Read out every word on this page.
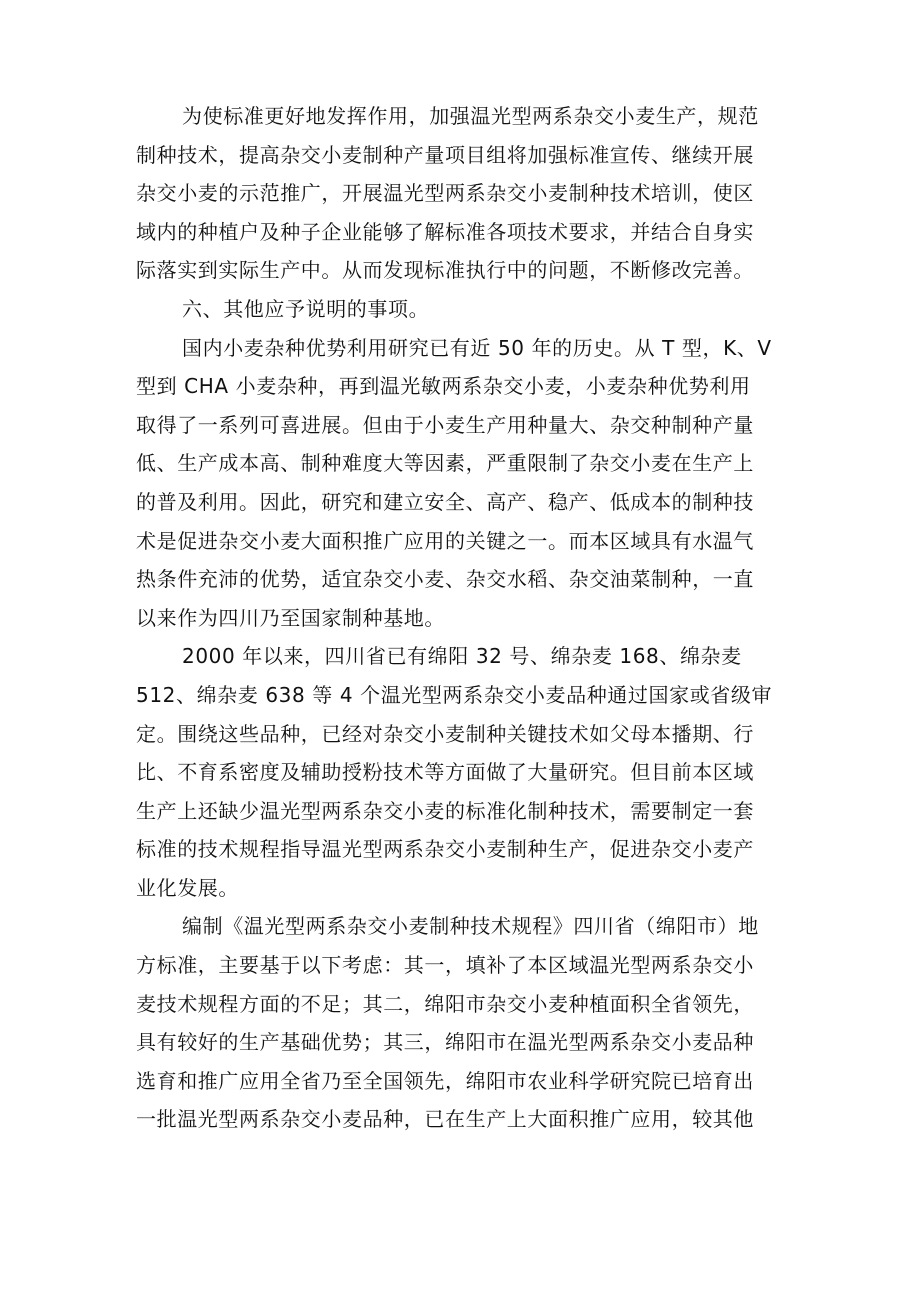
为使标准更好地发挥作用，加强温光型两系杂交小麦生产，规范
制种技术，提高杂交小麦制种产量项目组将加强标准宣传、继续开展
杂交小麦的示范推广，开展温光型两系杂交小麦制种技术培训，使区
域内的种植户及种子企业能够了解标准各项技术要求，并结合自身实
际落实到实际生产中。从而发现标准执行中的问题，不断修改完善。
六、其他应予说明的事项。
国内小麦杂种优势利用研究已有近 50 年的历史。从 T 型，K、V
型到 CHA 小麦杂种，再到温光敏两系杂交小麦，小麦杂种优势利用
取得了一系列可喜进展。但由于小麦生产用种量大、杂交种制种产量
低、生产成本高、制种难度大等因素，严重限制了杂交小麦在生产上
的普及利用。因此，研究和建立安全、高产、稳产、低成本的制种技
术是促进杂交小麦大面积推广应用的关键之一。而本区域具有水温气
热条件充沛的优势，适宜杂交小麦、杂交水稻、杂交油菜制种，一直
以来作为四川乃至国家制种基地。
2000 年以来，四川省已有绵阳 32 号、绵杂麦 168、绵杂麦
512、绵杂麦 638 等 4 个温光型两系杂交小麦品种通过国家或省级审
定。围绕这些品种，已经对杂交小麦制种关键技术如父母本播期、行
比、不育系密度及辅助授粉技术等方面做了大量研究。但目前本区域
生产上还缺少温光型两系杂交小麦的标准化制种技术，需要制定一套
标准的技术规程指导温光型两系杂交小麦制种生产，促进杂交小麦产
业化发展。
编制《温光型两系杂交小麦制种技术规程》四川省（绵阳市）地
方标准，主要基于以下考虑：其一，填补了本区域温光型两系杂交小
麦技术规程方面的不足；其二，绵阳市杂交小麦种植面积全省领先，
具有较好的生产基础优势；其三，绵阳市在温光型两系杂交小麦品种
选育和推广应用全省乃至全国领先，绵阳市农业科学研究院已培育出
一批温光型两系杂交小麦品种，已在生产上大面积推广应用，较其他
